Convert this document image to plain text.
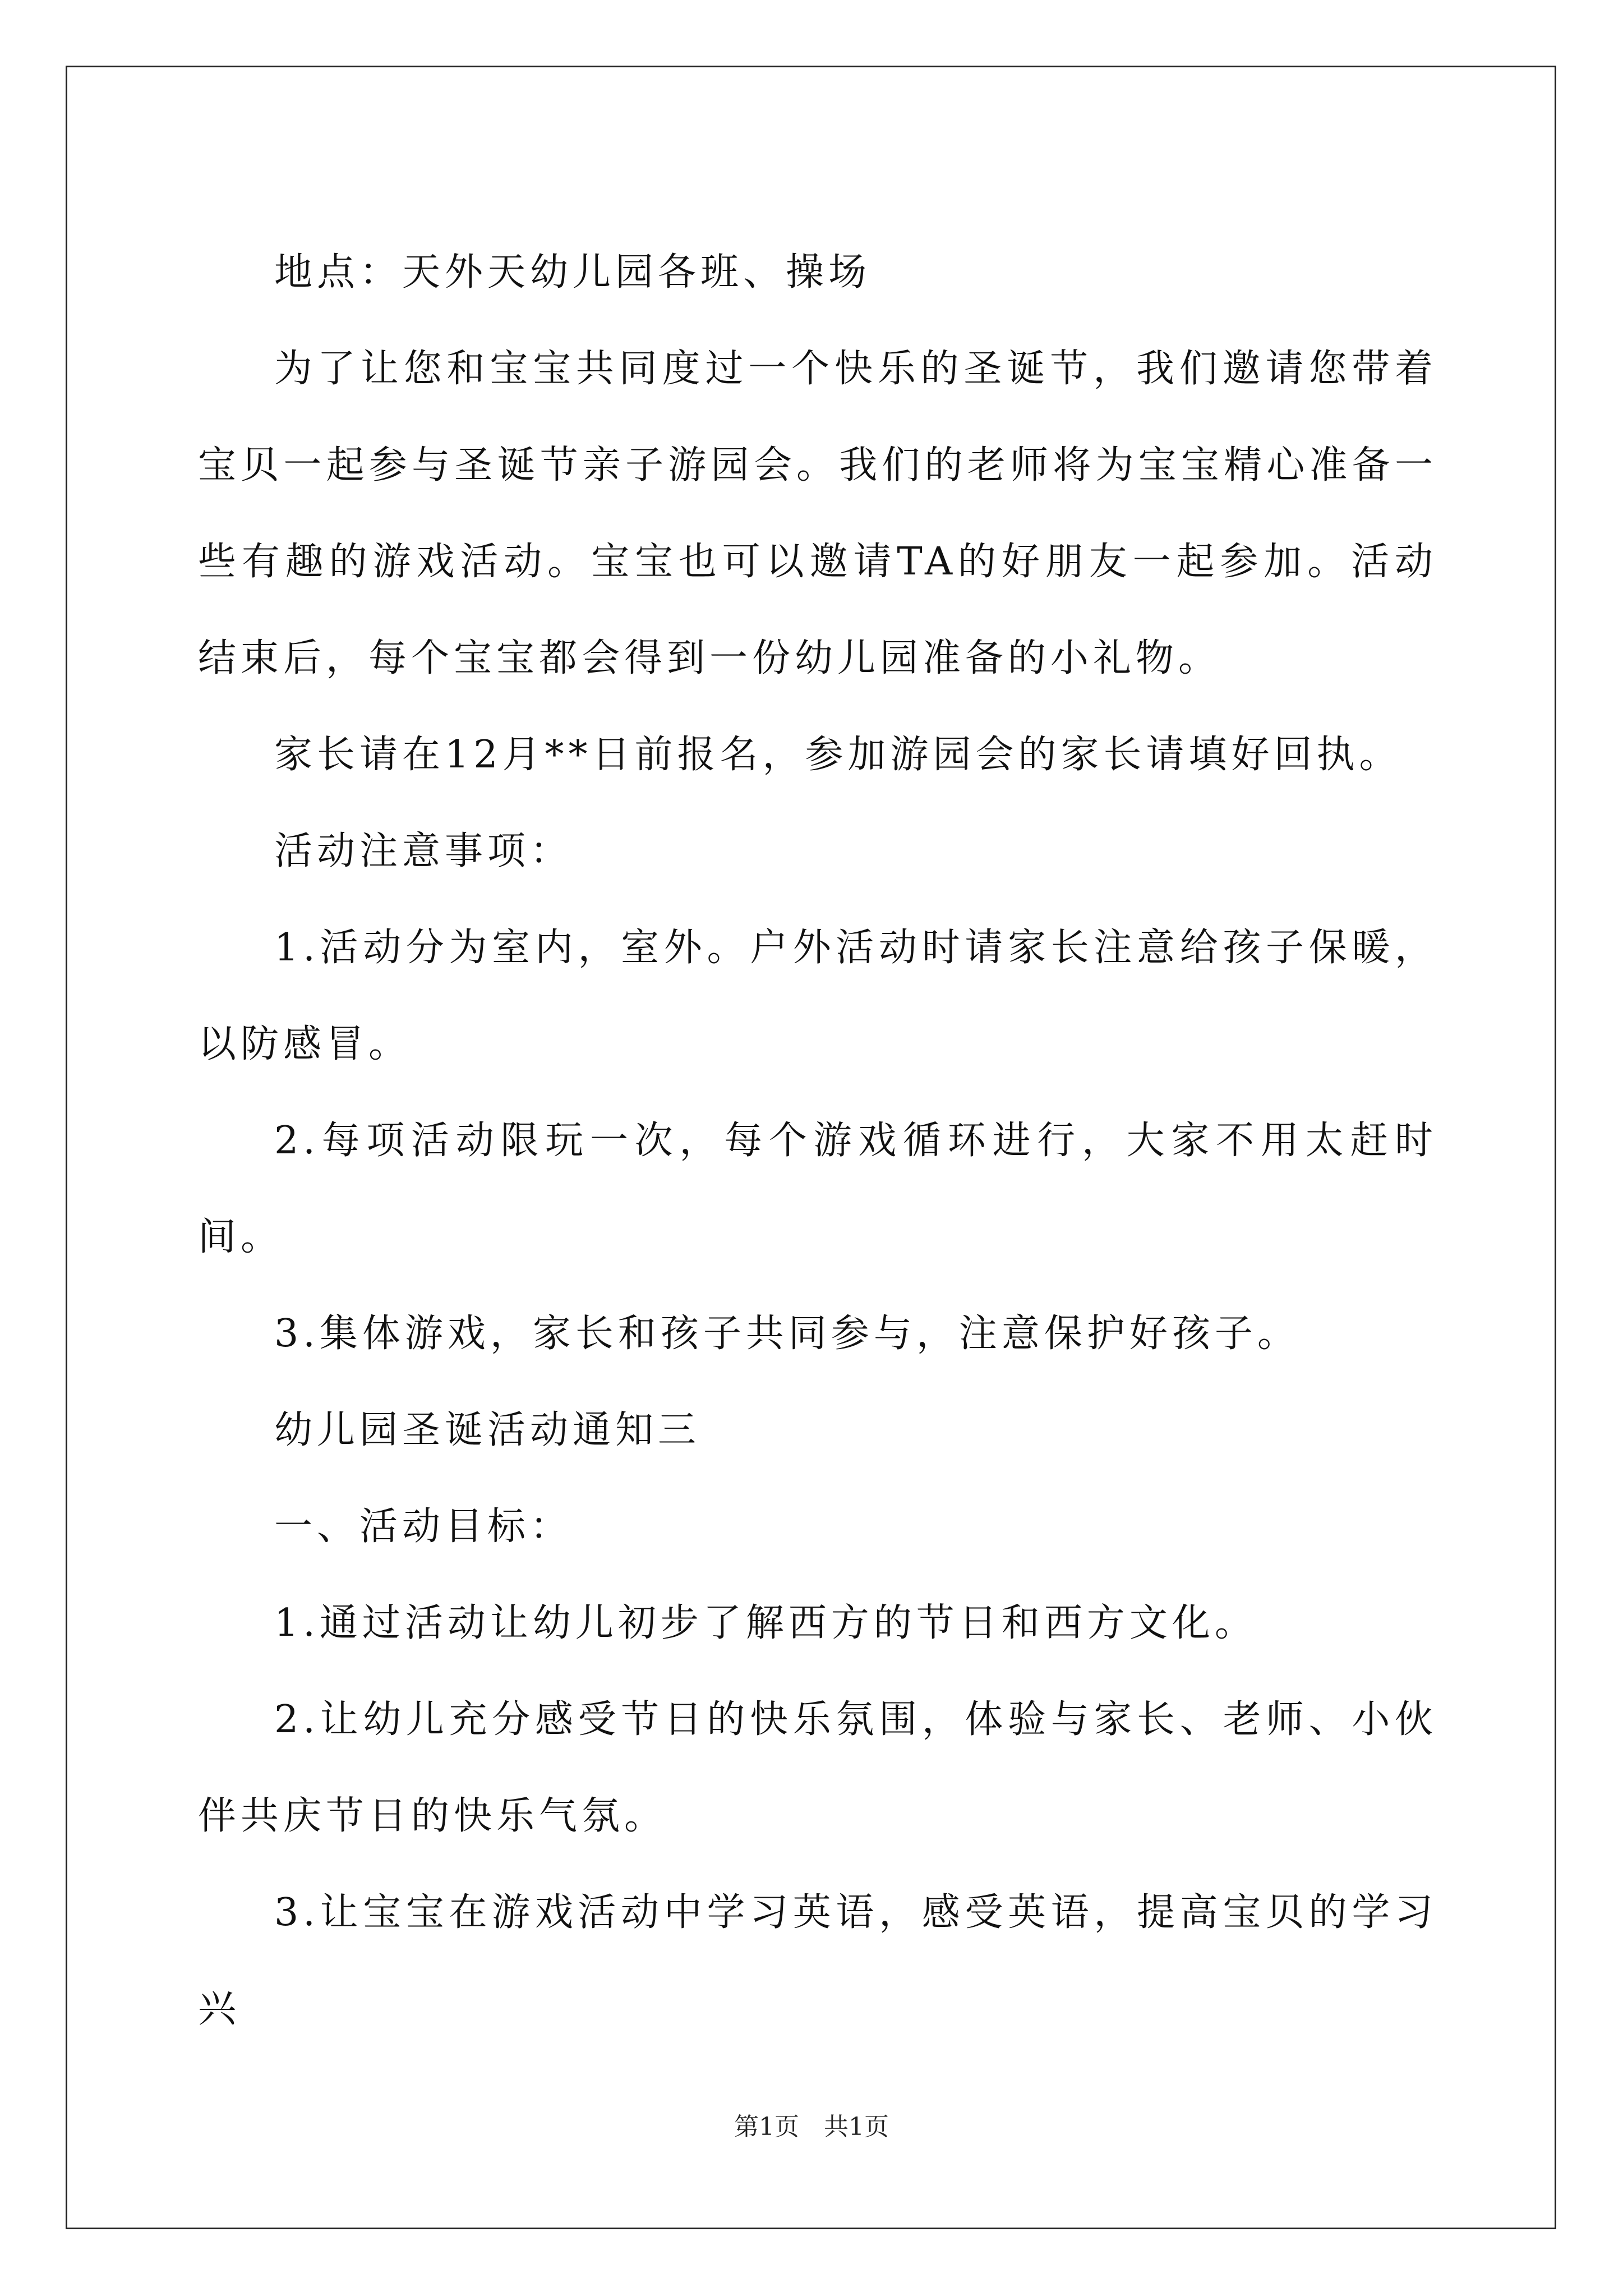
地点：天外天幼儿园各班、操场

为了让您和宝宝共同度过一个快乐的圣诞节，我们邀请您带着宝贝一起参与圣诞节亲子游园会。我们的老师将为宝宝精心准备一些有趣的游戏活动。宝宝也可以邀请TA的好朋友一起参加。活动结束后，每个宝宝都会得到一份幼儿园准备的小礼物。

家长请在12月**日前报名，参加游园会的家长请填好回执。

活动注意事项：

1.活动分为室内，室外。户外活动时请家长注意给孩子保暖，以防感冒。

2.每项活动限玩一次，每个游戏循环进行，大家不用太赶时间。

3.集体游戏，家长和孩子共同参与，注意保护好孩子。

幼儿园圣诞活动通知三

一、活动目标：

1.通过活动让幼儿初步了解西方的节日和西方文化。

2.让幼儿充分感受节日的快乐氛围，体验与家长、老师、小伙伴共庆节日的快乐气氛。

3.让宝宝在游戏活动中学习英语，感受英语，提高宝贝的学习兴

第1页　共1页
